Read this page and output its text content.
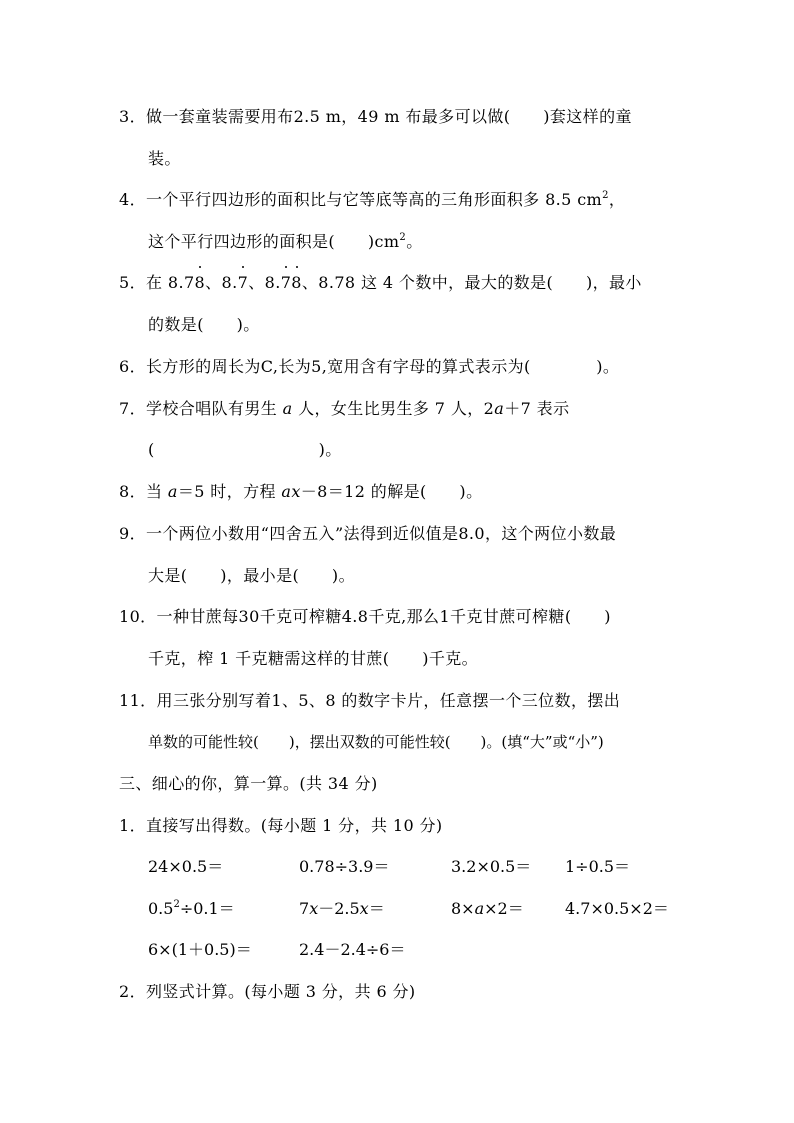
3．做一套童装需要用布2.5 m，49 m 布最多可以做(　　)套这样的童
装。
4．一个平行四边形的面积比与它等底等高的三角形面积多 8.5 $cm^2$，
这个平行四边形的面积是(　　)$cm^2$。
5．在 8.7
8、8.
7、8.
78、8.78 这 4 个数中，最大的数是(　　)，最小
的数是(　　)。
6．长方形的周长为C,长为5,宽用含有字母的算式表示为(　　　　)。
7．学校合唱队有男生 a 人，女生比男生多 7 人，2a＋7 表示
(　　　　　　　　　　)。
8．当 a＝5 时，方程 ax－8＝12 的解是(　　)。
9．一个两位小数用“四舍五入”法得到近似值是8.0，这个两位小数最
大是(　　)，最小是(　　)。
10．一种甘蔗每30千克可榨糖4.8千克,那么1千克甘蔗可榨糖(　　)
千克，榨 1 千克糖需这样的甘蔗(　　)千克。
11．用三张分别写着1、5、8 的数字卡片，任意摆一个三位数，摆出
单数的可能性较(　　)，摆出双数的可能性较(　　)。(填“大”或“小”)
三、细心的你，算一算。(共 34 分)
1．直接写出得数。(每小题 1 分，共 10 分)
24×0.5＝	0.78÷3.9＝	3.2×0.5＝ 1÷0.5＝
$0.5^2\div 0.1=$	7x－2.5x＝	8×a×2＝	4.7×0.5×2＝
6×(1＋0.5)＝	2.4－2.4÷6＝
2．列竖式计算。(每小题 3 分，共 6 分)
